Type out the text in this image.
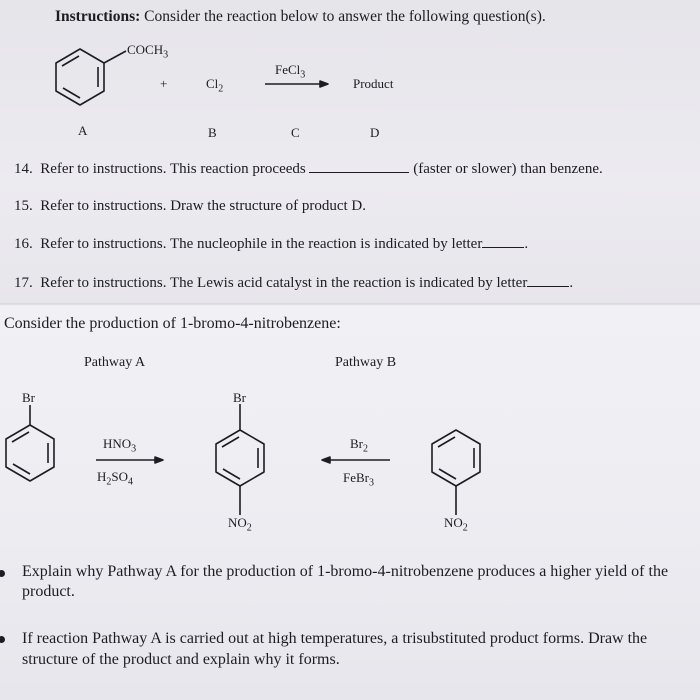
Instructions: Consider the reaction below to answer the following question(s).
$COCH_3$
+	$Cl_2$
FeCl$_3$
Product
A	B	C	D
14. Refer to instructions. This reaction proceeds	(faster or slower) than benzene.
15. Refer to instructions. Draw the structure of product D.
16. Refer to instructions. The nucleophile in the reaction is indicated by letter	.
17. Refer to instructions. The Lewis acid catalyst in the reaction is indicated by letter	.
Consider the production of 1-bromo-4-nitrobenzene:
Pathway A	Pathway B
Br	Br
$HNO_3$
$H_2SO_4$
$Br_2$
FeBr$_3$
$NO_2$	$NO_2$
Explain why Pathway A for the production of 1-bromo-4-nitrobenzene produces a higher yield of the product.
If reaction Pathway A is carried out at high temperatures, a trisubstituted product forms. Draw the structure of the product and explain why it forms.
